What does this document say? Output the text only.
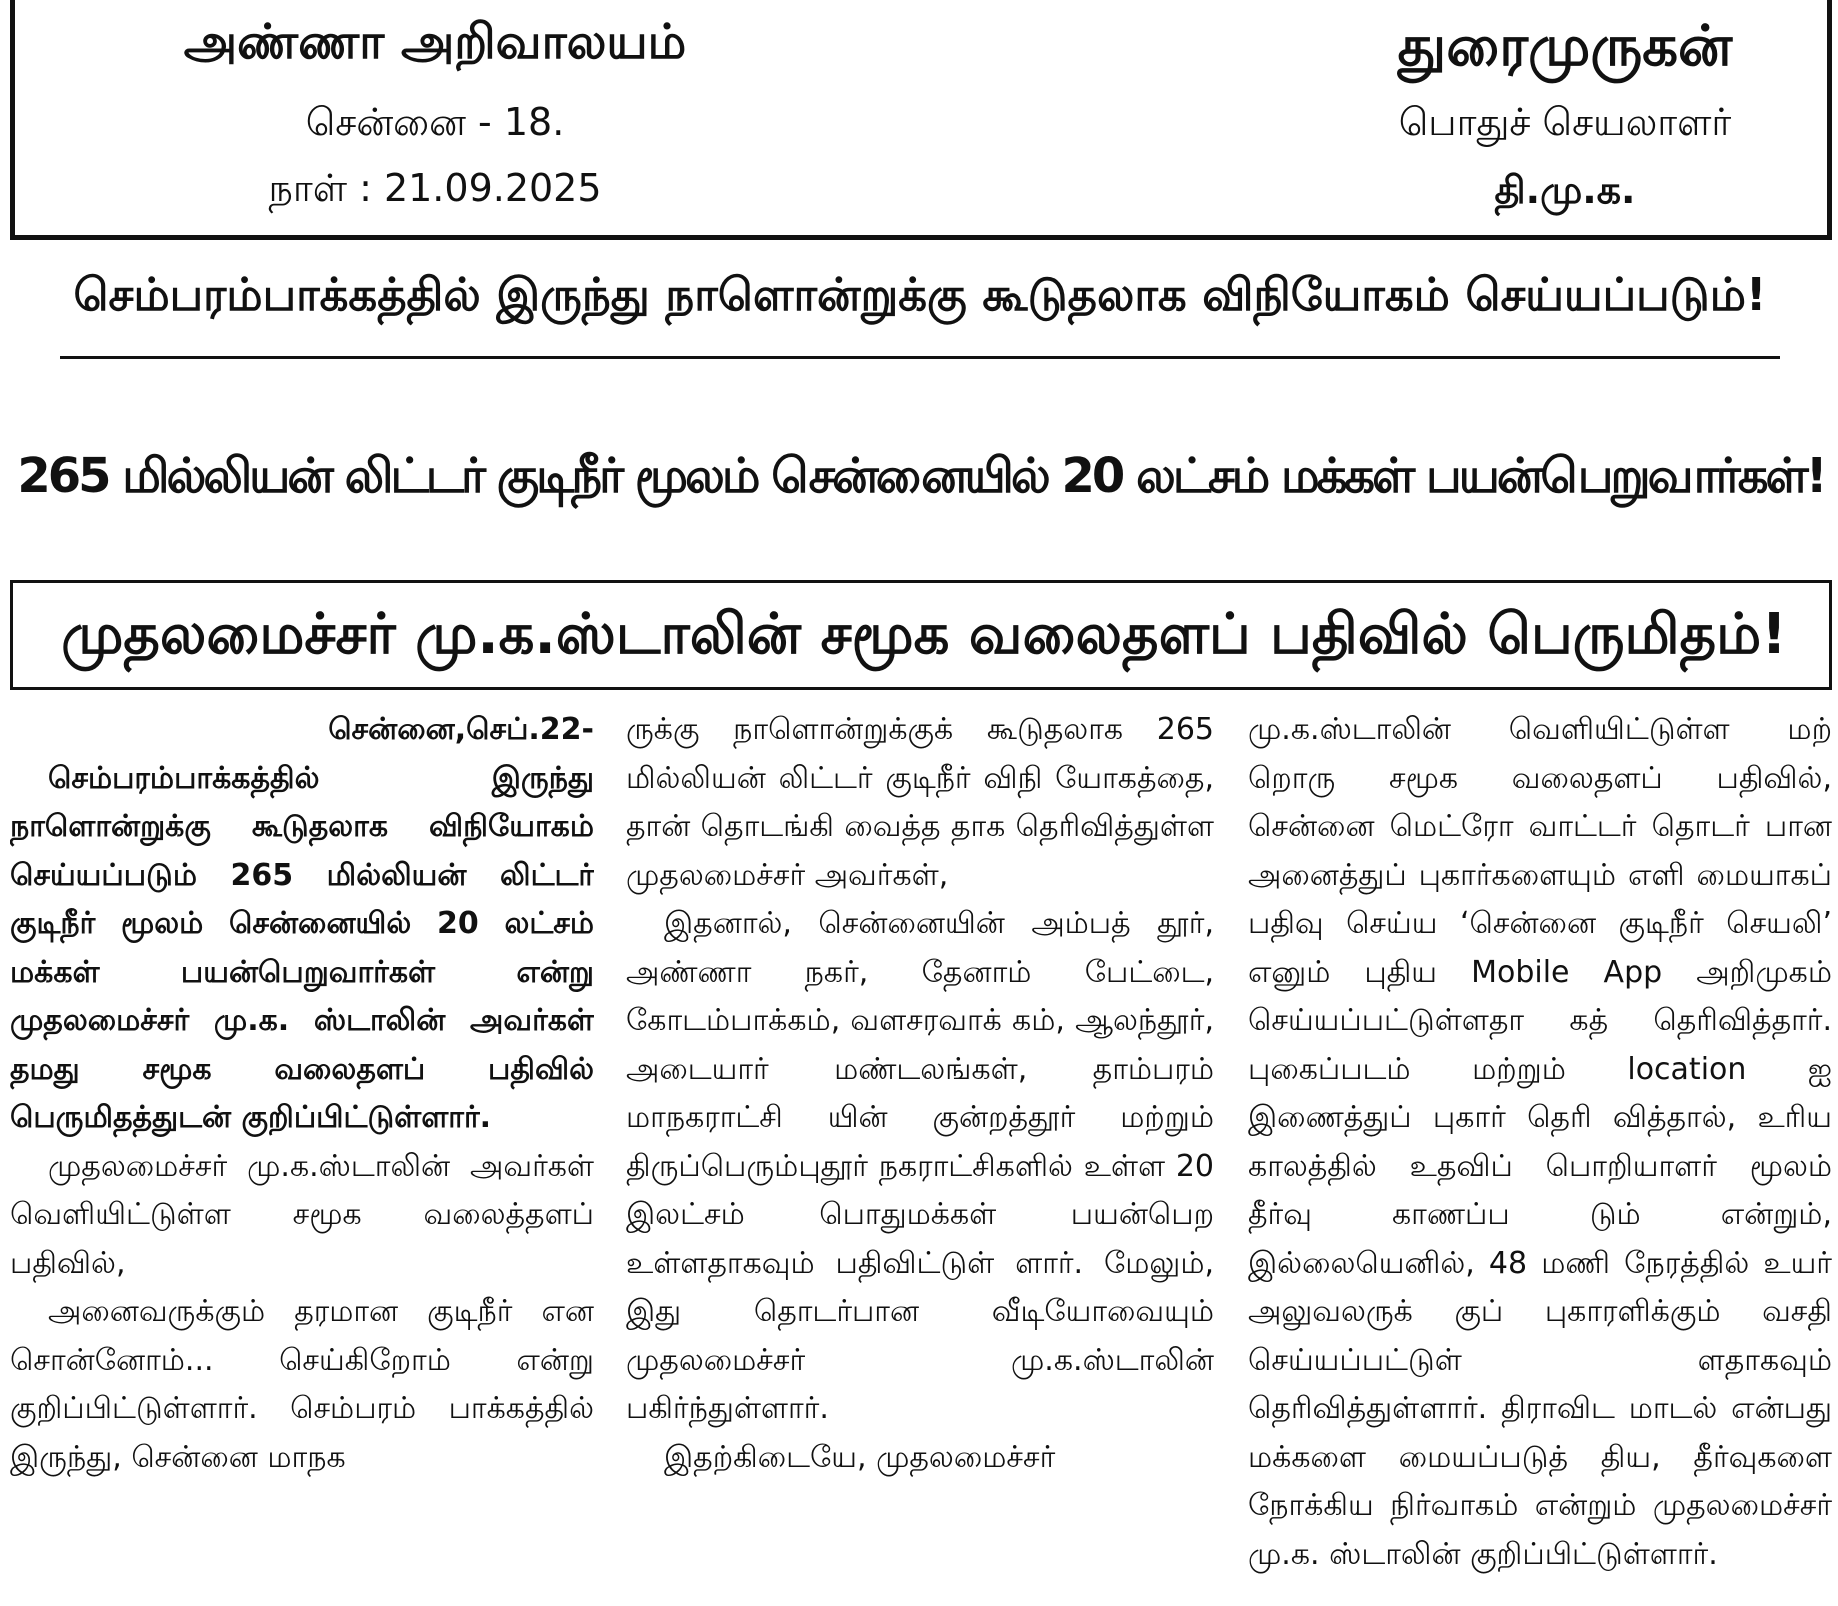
அண்ணா அறிவாலயம்
சென்னை - 18.
நாள் : 21.09.2025
துரைமுருகன்
பொதுச் செயலாளர்
தி.மு.க.
செம்பரம்பாக்கத்தில் இருந்து நாளொன்றுக்கு கூடுதலாக விநியோகம் செய்யப்படும்!
265 மில்லியன் லிட்டர் குடிநீர் மூலம் சென்னையில் 20 லட்சம் மக்கள் பயன்பெறுவார்கள்!
முதலமைச்சர் மு.க.ஸ்டாலின் சமூக வலைதளப் பதிவில் பெருமிதம்!

சென்னை,செப்.22-

செம்பரம்பாக்கத்தில் இருந்து நாளொன்றுக்கு கூடுதலாக விநியோகம் செய்யப்படும் 265 மில்லியன் லிட்டர் குடிநீர் மூலம் சென்னையில் 20 லட்சம் மக்கள் பயன்பெறுவார்கள் என்று முதலமைச்சர் மு.க. ஸ்டாலின் அவர்கள் தமது சமூக வலைதளப் பதிவில் பெருமிதத்துடன் குறிப்பிட்டுள்ளார்.

முதலமைச்சர் மு.க.ஸ்டாலின் அவர்கள் வெளியிட்டுள்ள சமூக வலைத்தளப் பதிவில்,

அனைவருக்கும் தரமான குடிநீர் என சொன்னோம்... செய்கிறோம் என்று குறிப்பிட்டுள்ளார். செம்பரம் பாக்கத்தில் இருந்து, சென்னை மாநக

ருக்கு நாளொன்றுக்குக் கூடுதலாக 265 மில்லியன் லிட்டர் குடிநீர் விநி யோகத்தை, தான் தொடங்கி வைத்த தாக தெரிவித்துள்ள முதலமைச்சர் அவர்கள்,

இதனால், சென்னையின் அம்பத் தூர், அண்ணா நகர், தேனாம் பேட்டை, கோடம்பாக்கம், வளசரவாக் கம், ஆலந்தூர், அடையார் மண்டலங்கள், தாம்பரம் மாநகராட்சி யின் குன்றத்தூர் மற்றும் திருப்பெரும்புதூர் நகராட்சிகளில் உள்ள 20 இலட்சம் பொதுமக்கள் பயன்பெற உள்ளதாகவும் பதிவிட்டுள் ளார். மேலும், இது தொடர்பான வீடியோவையும் முதலமைச்சர் மு.க.ஸ்டாலின் பகிர்ந்துள்ளார்.

இதற்கிடையே, முதலமைச்சர்

மு.க.ஸ்டாலின் வெளியிட்டுள்ள மற் றொரு சமூக வலைதளப் பதிவில், சென்னை மெட்ரோ வாட்டர் தொடர் பான அனைத்துப் புகார்களையும் எளி மையாகப் பதிவு செய்ய ‘சென்னை குடிநீர் செயலி’ எனும் புதிய Mobile App அறிமுகம் செய்யப்பட்டுள்ளதா கத் தெரிவித்தார். புகைப்படம் மற்றும் location ஐ இணைத்துப் புகார் தெரி வித்தால், உரிய காலத்தில் உதவிப் பொறியாளர் மூலம் தீர்வு காணப்ப டும் என்றும், இல்லையெனில், 48 மணி நேரத்தில் உயர் அலுவலருக் குப் புகாரளிக்கும் வசதி செய்யப்பட்டுள் ளதாகவும் தெரிவித்துள்ளார். திராவிட மாடல் என்பது மக்களை மையப்படுத் திய, தீர்வுகளை நோக்கிய நிர்வாகம் என்றும் முதலமைச்சர் மு.க. ஸ்டாலின் குறிப்பிட்டுள்ளார்.
